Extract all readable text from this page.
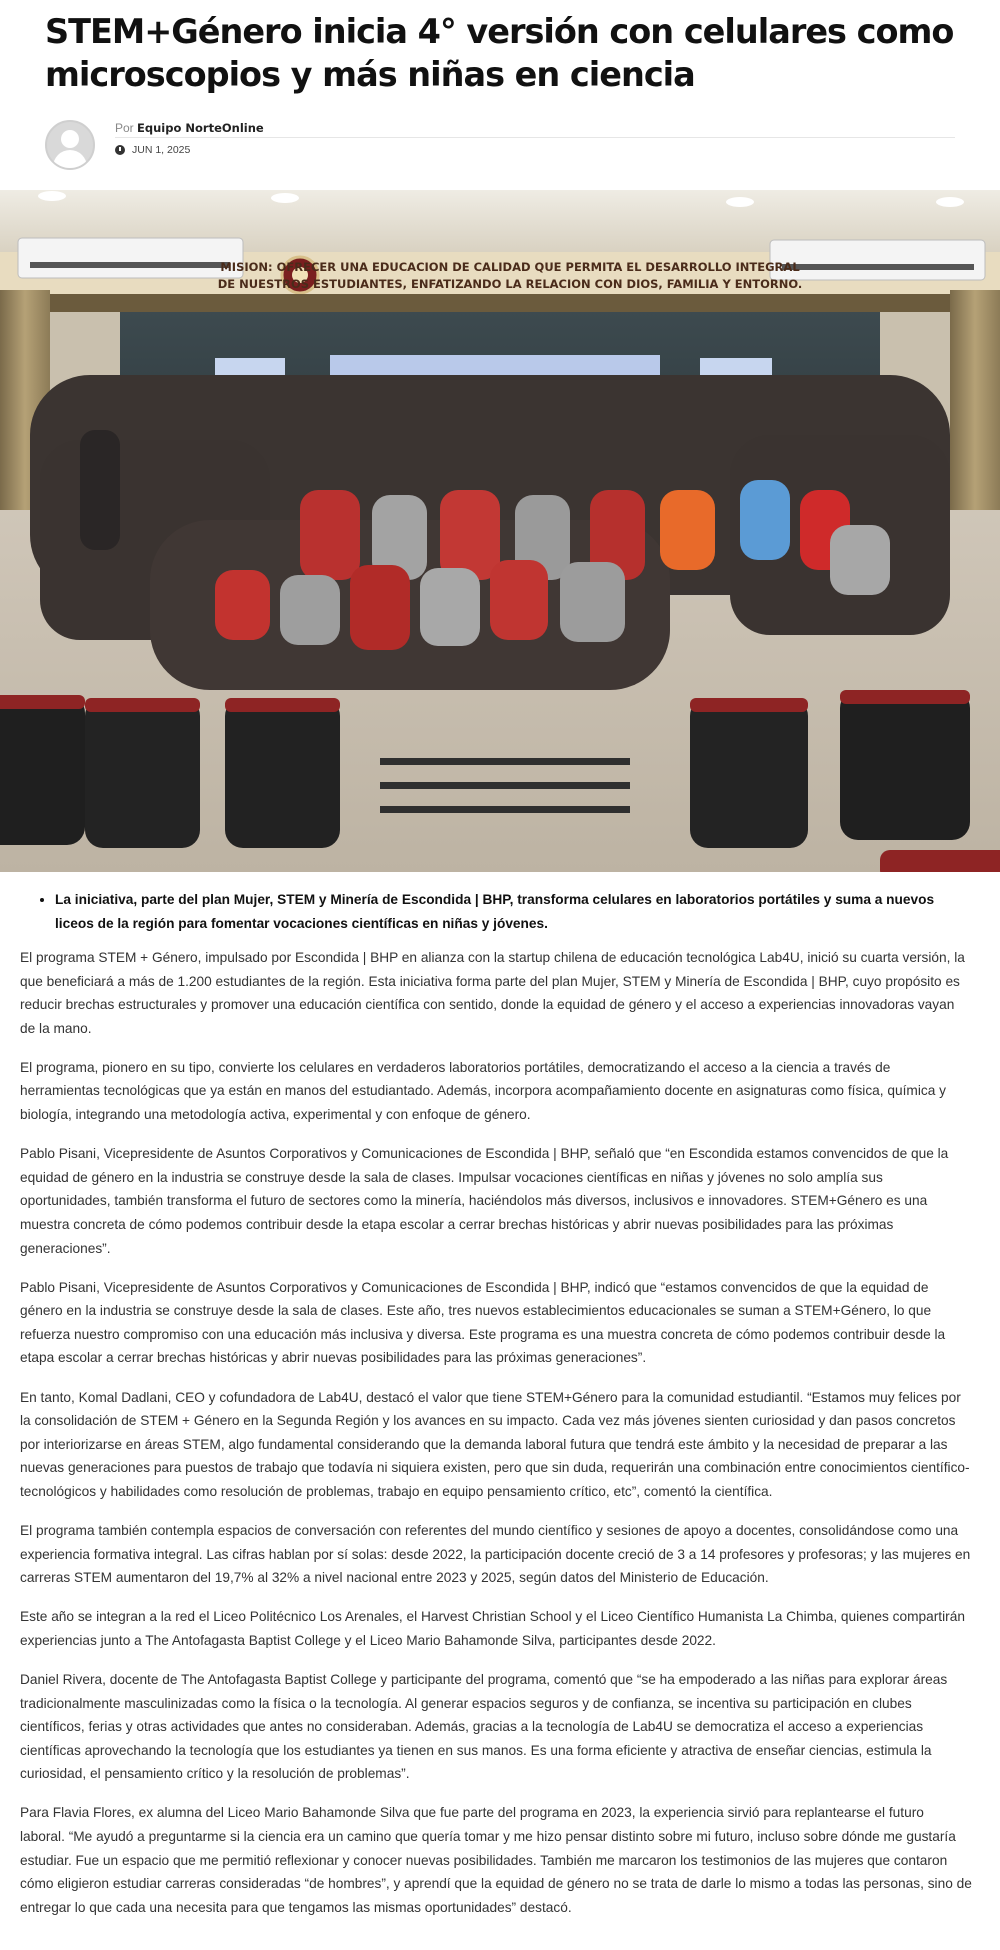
STEM+Género inicia 4° versión con celulares como microscopios y más niñas en ciencia
Por Equipo NorteOnline
JUN 1, 2025
MISION: OFRECER UNA EDUCACION DE CALIDAD QUE PERMITA EL DESARROLLO INTEGRAL
DE NUESTROS ESTUDIANTES, ENFATIZANDO LA RELACION CON DIOS, FAMILIA Y ENTORNO.
• La iniciativa, parte del plan Mujer, STEM y Minería de Escondida | BHP, transforma celulares en laboratorios portátiles y suma a nuevos liceos de la región para fomentar vocaciones científicas en niñas y jóvenes.

El programa STEM + Género, impulsado por Escondida | BHP en alianza con la startup chilena de educación tecnológica Lab4U, inició su cuarta versión, la que beneficiará a más de 1.200 estudiantes de la región. Esta iniciativa forma parte del plan Mujer, STEM y Minería de Escondida | BHP, cuyo propósito es reducir brechas estructurales y promover una educación científica con sentido, donde la equidad de género y el acceso a experiencias innovadoras vayan de la mano.

El programa, pionero en su tipo, convierte los celulares en verdaderos laboratorios portátiles, democratizando el acceso a la ciencia a través de herramientas tecnológicas que ya están en manos del estudiantado. Además, incorpora acompañamiento docente en asignaturas como física, química y biología, integrando una metodología activa, experimental y con enfoque de género.

Pablo Pisani, Vicepresidente de Asuntos Corporativos y Comunicaciones de Escondida | BHP, señaló que “en Escondida estamos convencidos de que la equidad de género en la industria se construye desde la sala de clases. Impulsar vocaciones científicas en niñas y jóvenes no solo amplía sus oportunidades, también transforma el futuro de sectores como la minería, haciéndolos más diversos, inclusivos e innovadores. STEM+Género es una muestra concreta de cómo podemos contribuir desde la etapa escolar a cerrar brechas históricas y abrir nuevas posibilidades para las próximas generaciones”.

Pablo Pisani, Vicepresidente de Asuntos Corporativos y Comunicaciones de Escondida | BHP, indicó que “estamos convencidos de que la equidad de género en la industria se construye desde la sala de clases. Este año, tres nuevos establecimientos educacionales se suman a STEM+Género, lo que refuerza nuestro compromiso con una educación más inclusiva y diversa. Este programa es una muestra concreta de cómo podemos contribuir desde la etapa escolar a cerrar brechas históricas y abrir nuevas posibilidades para las próximas generaciones”.

En tanto, Komal Dadlani, CEO y cofundadora de Lab4U, destacó el valor que tiene STEM+Género para la comunidad estudiantil. “Estamos muy felices por la consolidación de STEM + Género en la Segunda Región y los avances en su impacto. Cada vez más jóvenes sienten curiosidad y dan pasos concretos por interiorizarse en áreas STEM, algo fundamental considerando que la demanda laboral futura que tendrá este ámbito y la necesidad de preparar a las nuevas generaciones para puestos de trabajo que todavía ni siquiera existen, pero que sin duda, requerirán una combinación entre conocimientos científico-tecnológicos y habilidades como resolución de problemas, trabajo en equipo pensamiento crítico, etc”, comentó la científica.

El programa también contempla espacios de conversación con referentes del mundo científico y sesiones de apoyo a docentes, consolidándose como una experiencia formativa integral. Las cifras hablan por sí solas: desde 2022, la participación docente creció de 3 a 14 profesores y profesoras; y las mujeres en carreras STEM aumentaron del 19,7% al 32% a nivel nacional entre 2023 y 2025, según datos del Ministerio de Educación.

Este año se integran a la red el Liceo Politécnico Los Arenales, el Harvest Christian School y el Liceo Científico Humanista La Chimba, quienes compartirán experiencias junto a The Antofagasta Baptist College y el Liceo Mario Bahamonde Silva, participantes desde 2022.

Daniel Rivera, docente de The Antofagasta Baptist College y participante del programa, comentó que “se ha empoderado a las niñas para explorar áreas tradicionalmente masculinizadas como la física o la tecnología. Al generar espacios seguros y de confianza, se incentiva su participación en clubes científicos, ferias y otras actividades que antes no consideraban. Además, gracias a la tecnología de Lab4U se democratiza el acceso a experiencias científicas aprovechando la tecnología que los estudiantes ya tienen en sus manos. Es una forma eficiente y atractiva de enseñar ciencias, estimula la curiosidad, el pensamiento crítico y la resolución de problemas”.

Para Flavia Flores, ex alumna del Liceo Mario Bahamonde Silva que fue parte del programa en 2023, la experiencia sirvió para replantearse el futuro laboral. “Me ayudó a preguntarme si la ciencia era un camino que quería tomar y me hizo pensar distinto sobre mi futuro, incluso sobre dónde me gustaría estudiar. Fue un espacio que me permitió reflexionar y conocer nuevas posibilidades. También me marcaron los testimonios de las mujeres que contaron cómo eligieron estudiar carreras consideradas “de hombres”, y aprendí que la equidad de género no se trata de darle lo mismo a todas las personas, sino de entregar lo que cada una necesita para que tengamos las mismas oportunidades” destacó.
